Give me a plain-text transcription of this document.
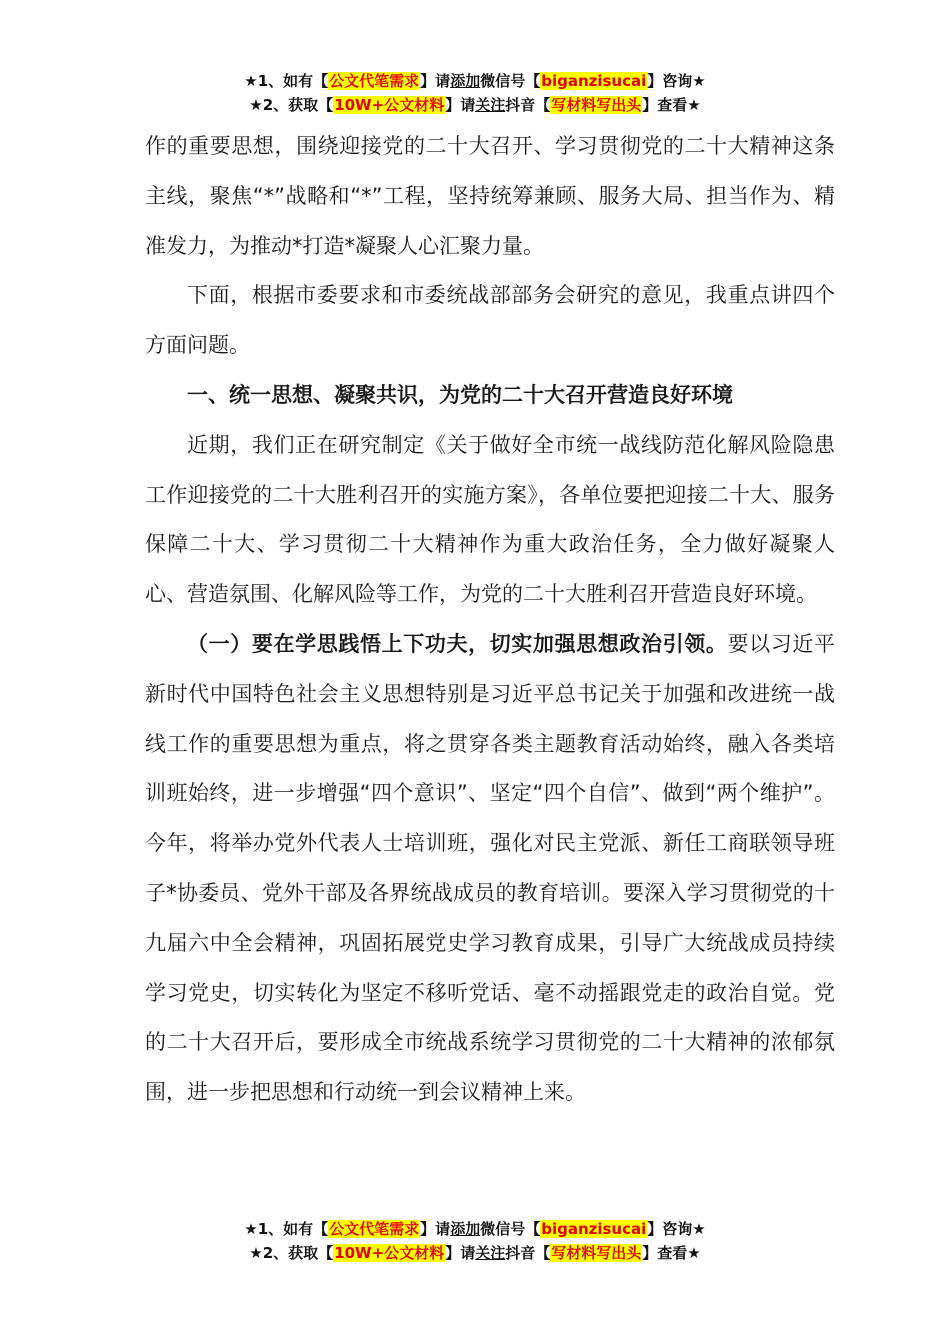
★1、如有【公文代笔需求】请添加微信号【biganzisucai】咨询★
★2、获取【10W+公文材料】请关注抖音【写材料写出头】查看★

作的重要思想，围绕迎接党的二十大召开、学习贯彻党的二十大精神这条主线，聚焦“*”战略和“*”工程，坚持统筹兼顾、服务大局、担当作为、精准发力，为推动*打造*凝聚人心汇聚力量。

下面，根据市委要求和市委统战部部务会研究的意见，我重点讲四个方面问题。

一、统一思想、凝聚共识，为党的二十大召开营造良好环境

近期，我们正在研究制定《关于做好全市统一战线防范化解风险隐患工作迎接党的二十大胜利召开的实施方案》，各单位要把迎接二十大、服务保障二十大、学习贯彻二十大精神作为重大政治任务，全力做好凝聚人心、营造氛围、化解风险等工作，为党的二十大胜利召开营造良好环境。

（一）要在学思践悟上下功夫，切实加强思想政治引领。要以习近平新时代中国特色社会主义思想特别是习近平总书记关于加强和改进统一战线工作的重要思想为重点，将之贯穿各类主题教育活动始终，融入各类培训班始终，进一步增强“四个意识”、坚定“四个自信”、做到“两个维护”。今年，将举办党外代表人士培训班，强化对民主党派、新任工商联领导班子*协委员、党外干部及各界统战成员的教育培训。要深入学习贯彻党的十九届六中全会精神，巩固拓展党史学习教育成果，引导广大统战成员持续学习党史，切实转化为坚定不移听党话、毫不动摇跟党走的政治自觉。党的二十大召开后，要形成全市统战系统学习贯彻党的二十大精神的浓郁氛围，进一步把思想和行动统一到会议精神上来。

★1、如有【公文代笔需求】请添加微信号【biganzisucai】咨询★
★2、获取【10W+公文材料】请关注抖音【写材料写出头】查看★
